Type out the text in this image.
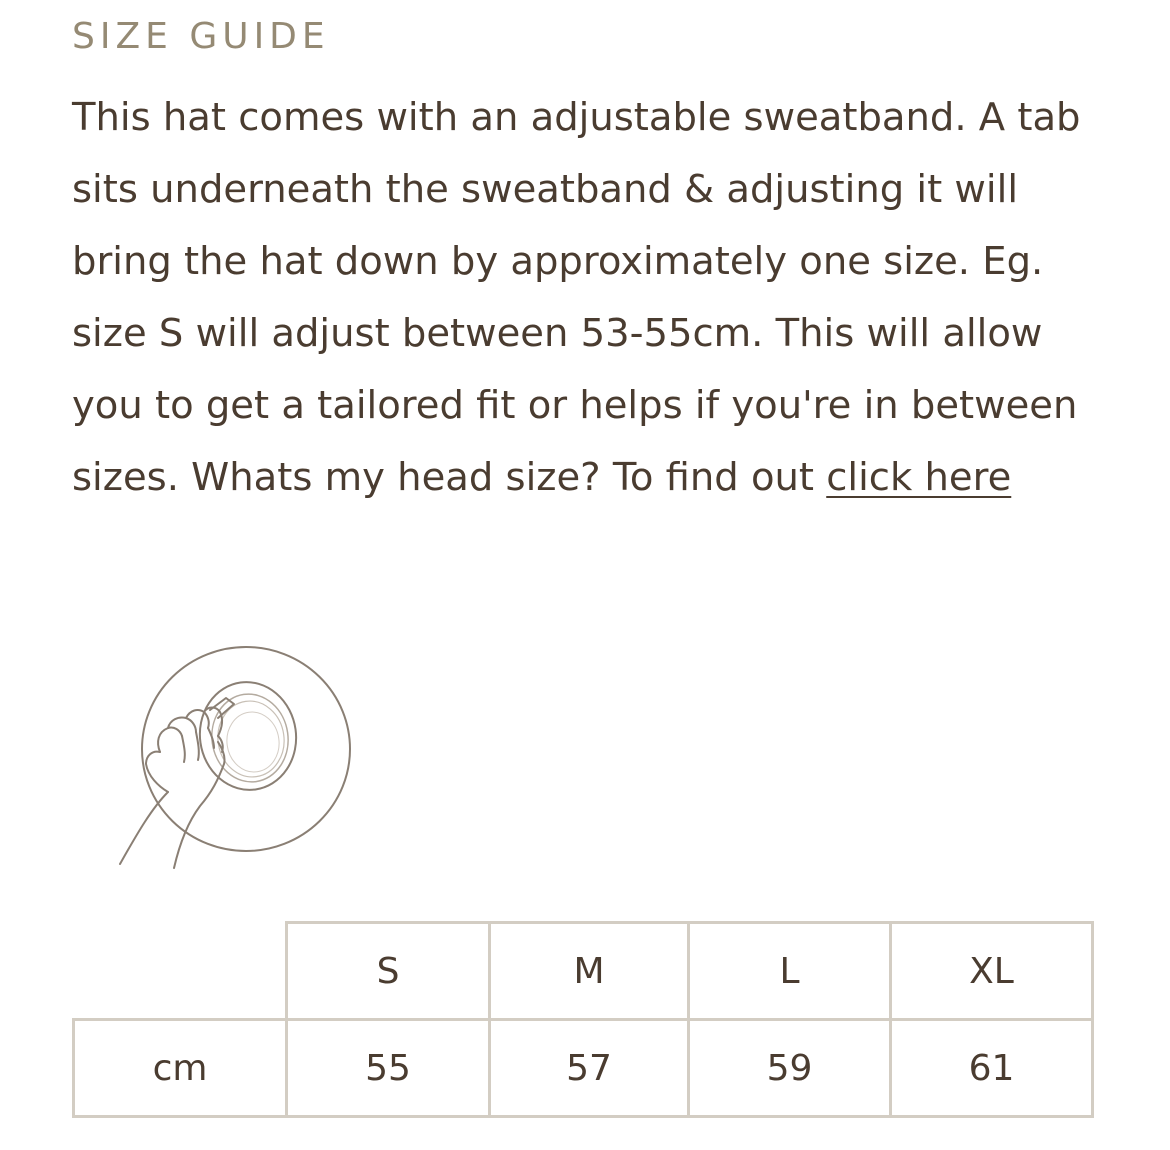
SIZE GUIDE

This hat comes with an adjustable sweatband. A tab sits underneath the sweatband & adjusting it will bring the hat down by approximately one size. Eg. size S will adjust between 53-55cm. This will allow you to get a tailored fit or helps if you're in between sizes. Whats my head size? To find out click here

	S	M	L	XL
cm	55	57	59	61
